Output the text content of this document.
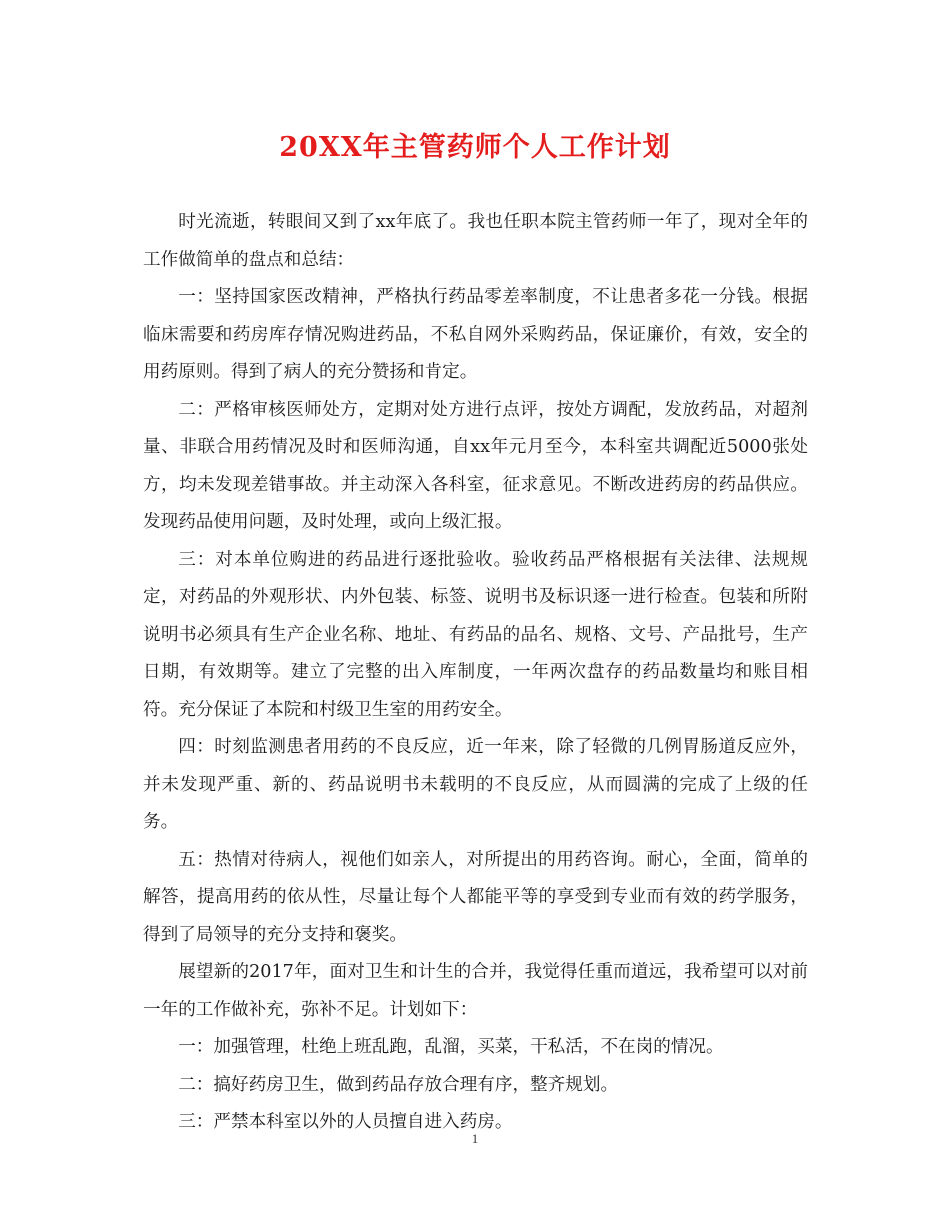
20XX年主管药师个人工作计划

时光流逝，转眼间又到了xx年底了。我也任职本院主管药师一年了，现对全年的工作做简单的盘点和总结：

一：坚持国家医改精神，严格执行药品零差率制度，不让患者多花一分钱。根据临床需要和药房库存情况购进药品，不私自网外采购药品，保证廉价，有效，安全的用药原则。得到了病人的充分赞扬和肯定。

二：严格审核医师处方，定期对处方进行点评，按处方调配，发放药品，对超剂量、非联合用药情况及时和医师沟通，自xx年元月至今，本科室共调配近5000张处方，均未发现差错事故。并主动深入各科室，征求意见。不断改进药房的药品供应。发现药品使用问题，及时处理，或向上级汇报。

三：对本单位购进的药品进行逐批验收。验收药品严格根据有关法律、法规规定，对药品的外观形状、内外包装、标签、说明书及标识逐一进行检查。包装和所附说明书必须具有生产企业名称、地址、有药品的品名、规格、文号、产品批号，生产日期，有效期等。建立了完整的出入库制度，一年两次盘存的药品数量均和账目相符。充分保证了本院和村级卫生室的用药安全。

四：时刻监测患者用药的不良反应，近一年来，除了轻微的几例胃肠道反应外，并未发现严重、新的、药品说明书未载明的不良反应，从而圆满的完成了上级的任务。

五：热情对待病人，视他们如亲人，对所提出的用药咨询。耐心，全面，简单的解答，提高用药的依从性，尽量让每个人都能平等的享受到专业而有效的药学服务，得到了局领导的充分支持和褒奖。

展望新的2017年，面对卫生和计生的合并，我觉得任重而道远，我希望可以对前一年的工作做补充，弥补不足。计划如下：

一：加强管理，杜绝上班乱跑，乱溜，买菜，干私活，不在岗的情况。

二：搞好药房卫生，做到药品存放合理有序，整齐规划。

三：严禁本科室以外的人员擅自进入药房。

1
